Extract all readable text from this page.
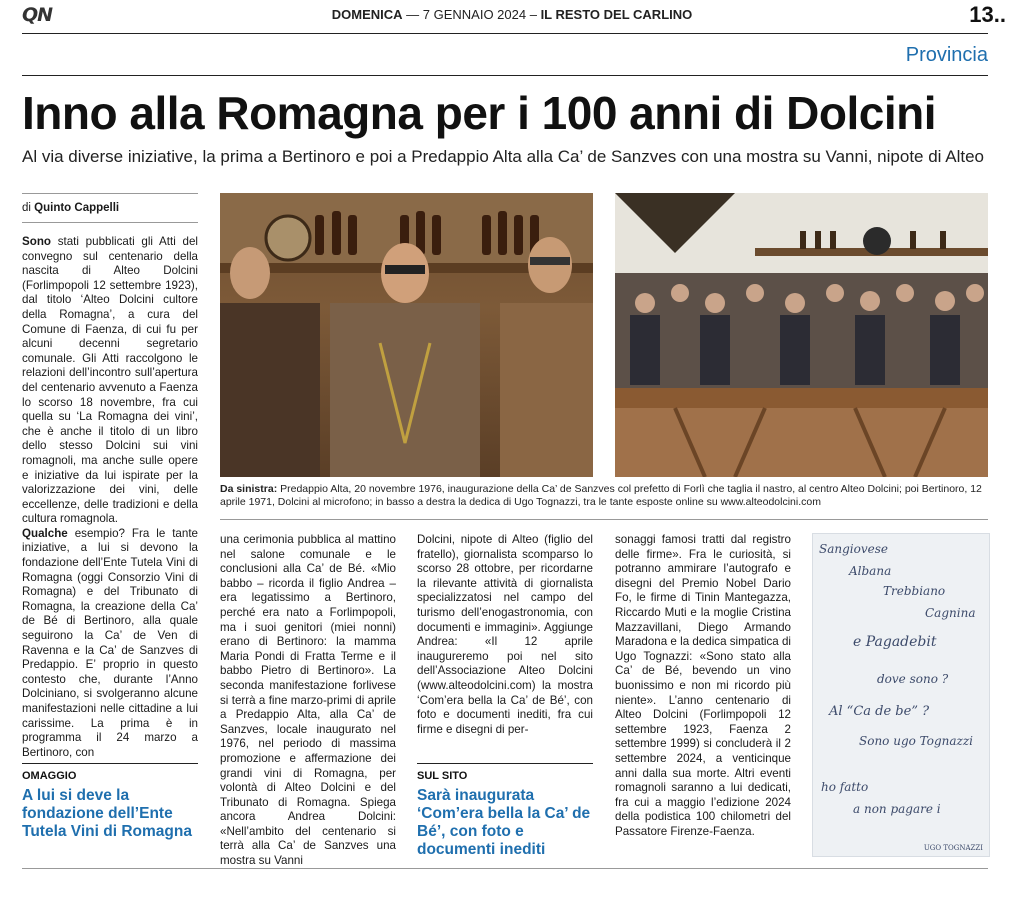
QN	DOMENICA — 7 GENNAIO 2024 – IL RESTO DEL CARLINO	13..
Provincia
Inno alla Romagna per i 100 anni di Dolcini
Al via diverse iniziative, la prima a Bertinoro e poi a Predappio Alta alla Ca’ de Sanzves con una mostra su Vanni, nipote di Alteo
di Quinto Cappelli

Sono stati pubblicati gli Atti del convegno sul centenario della nascita di Alteo Dolcini (Forlimpopoli 12 settembre 1923), dal titolo ‘Alteo Dolcini cultore della Romagna’, a cura del Comune di Faenza, di cui fu per alcuni decenni segretario comunale. Gli Atti raccolgono le relazioni dell’incontro sull’apertura del centenario avvenuto a Faenza lo scorso 18 novembre, fra cui quella su ‘La Romagna dei vini’, che è anche il titolo di un libro dello stesso Dolcini sui vini romagnoli, ma anche sulle opere e iniziative da lui ispirate per la valorizzazione dei vini, delle eccellenze, delle tradizioni e della cultura romagnola.

Qualche esempio? Fra le tante iniziative, a lui si devono la fondazione dell’Ente Tutela Vini di Romagna (oggi Consorzio Vini di Romagna) e del Tribunato di Romagna, la creazione della Ca’ de Bé di Bertinoro, alla quale seguirono la Ca’ de Ven di Ravenna e la Ca’ de Sanzves di Predappio. E’ proprio in questo contesto che, durante l’Anno Dolciniano, si svolgeranno alcune manifestazioni nelle cittadine a lui carissime. La prima è in programma il 24 marzo a Bertinoro, con

OMAGGIO
A lui si deve la fondazione dell’Ente Tutela Vini di Romagna
Da sinistra: Predappio Alta, 20 novembre 1976, inaugurazione della Ca’ de Sanzves col prefetto di Forlì che taglia il nastro, al centro Alteo Dolcini; poi Bertinoro, 12 aprile 1971, Dolcini al microfono; in basso a destra la dedica di Ugo Tognazzi, tra le tante esposte online su www.alteodolcini.com

una cerimonia pubblica al mattino nel salone comunale e le conclusioni alla Ca’ de Bé. «Mio babbo – ricorda il figlio Andrea – era legatissimo a Bertinoro, perché era nato a Forlimpopoli, ma i suoi genitori (miei nonni) erano di Bertinoro: la mamma Maria Pondi di Fratta Terme e il babbo Pietro di Bertinoro». La seconda manifestazione forlivese si terrà a fine marzo-primi di aprile a Predappio Alta, alla Ca’ de Sanzves, locale inaugurato nel 1976, nel periodo di massima promozione e affermazione dei grandi vini di Romagna, per volontà di Alteo Dolcini e del Tribunato di Romagna. Spiega ancora Andrea Dolcini: «Nell’ambito del centenario si terrà alla Ca’ de Sanzves una mostra su Vanni

Dolcini, nipote di Alteo (figlio del fratello), giornalista scomparso lo scorso 28 ottobre, per ricordarne la rilevante attività di giornalista specializzatosi nel campo del turismo dell’enogastronomia, con documenti e immagini». Aggiunge Andrea: «Il 12 aprile inaugureremo poi nel sito dell’Associazione Alteo Dolcini (www.alteodolcini.com) la mostra ‘Com’era bella la Ca’ de Bé’, con foto e documenti inediti, fra cui firme e disegni di per-

SUL SITO
Sarà inaugurata ‘Com’era bella la Ca’ de Bé’, con foto e documenti inediti

sonaggi famosi tratti dal registro delle firme». Fra le curiosità, si potranno ammirare l’autografo e disegni del Premio Nobel Dario Fo, le firme di Tinin Mantegazza, Riccardo Muti e la moglie Cristina Mazzavillani, Diego Armando Maradona e la dedica simpatica di Ugo Tognazzi: «Sono stato alla Ca’ de Bé, bevendo un vino buonissimo e non mi ricordo più niente». L’anno centenario di Alteo Dolcini (Forlimpopoli 12 settembre 1923, Faenza 2 settembre 1999) si concluderà il 2 settembre 2024, a venticinque anni dalla sua morte. Altri eventi romagnoli saranno a lui dedicati, fra cui a maggio l’edizione 2024 della podistica 100 chilometri del Passatore Firenze-Faenza.

Sangiovese
Albana
Trebbiano
Cagnina
e Pagadebit
dove sono ?
Al “Ca de be” ?
Sono ugo Tognazzi
ho fatto
a non pagare i
UGO TOGNAZZI
